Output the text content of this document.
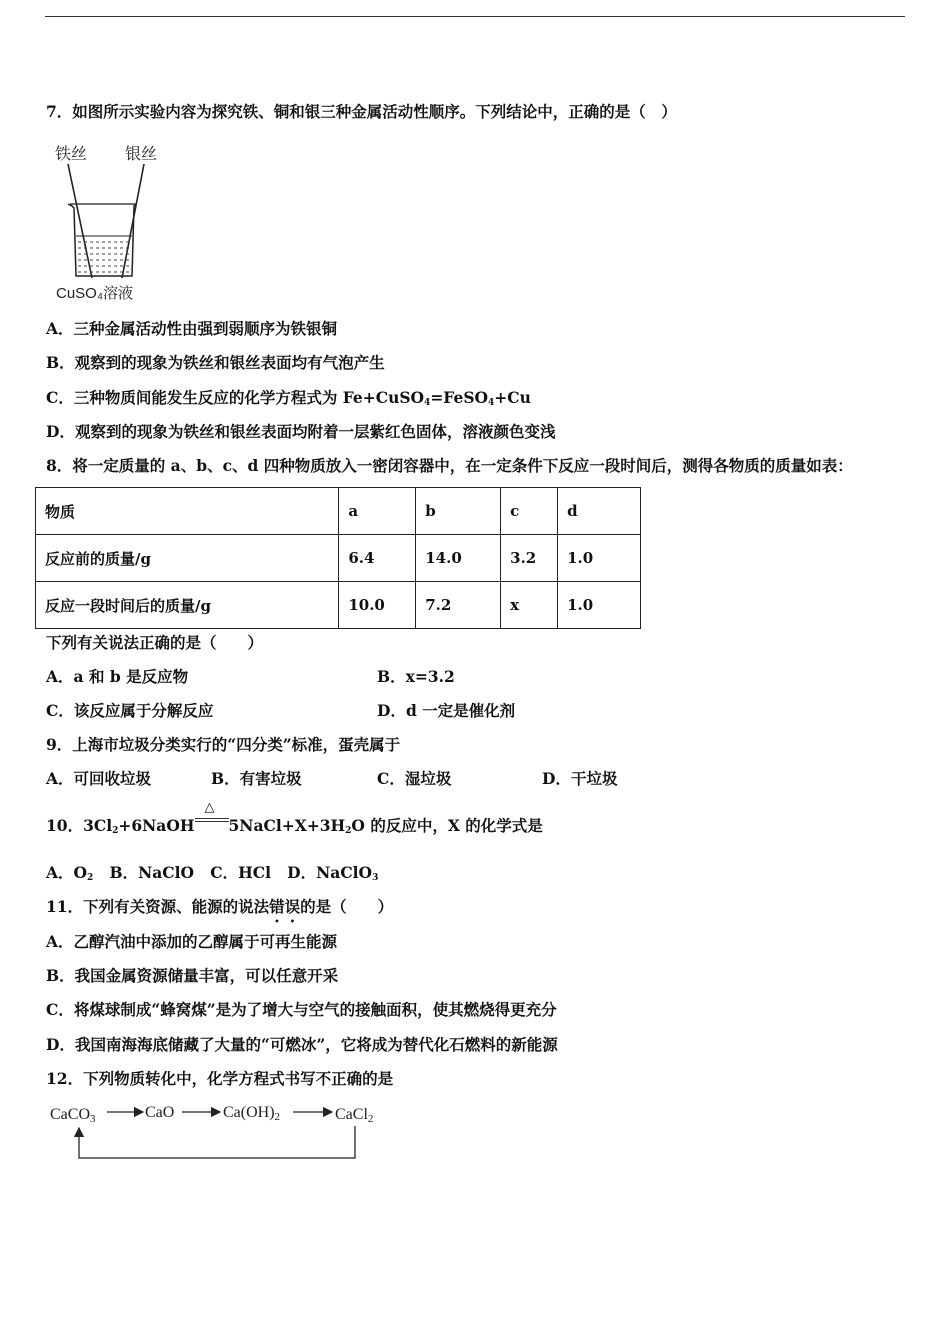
7．如图所示实验内容为探究铁、铜和银三种金属活动性顺序。下列结论中，正确的是（　）
铁丝 银丝
CuSO₄溶液
A．三种金属活动性由强到弱顺序为铁银铜
B．观察到的现象为铁丝和银丝表面均有气泡产生
C．三种物质间能发生反应的化学方程式为 Fe+CuSO$_4$=FeSO$_4$+Cu
D．观察到的现象为铁丝和银丝表面均附着一层紫红色固体，溶液颜色变浅
8．将一定质量的 a、b、c、d 四种物质放入一密闭容器中，在一定条件下反应一段时间后，测得各物质的质量如表：
物质	a	b	c	d
反应前的质量/g	6.4	14.0	3.2	1.0
反应一段时间后的质量/g	10.0	7.2	x	1.0
下列有关说法正确的是（　　）
A．a 和 b 是反应物	B．x=3.2
C．该反应属于分解反应	D．d 一定是催化剂
9．上海市垃圾分类实行的“四分类”标准，蛋壳属于
A．可回收垃圾	B．有害垃圾	C．湿垃圾	D．干垃圾
10．$3Cl_2+6NaOH$
△
$5NaCl+X+3H_2O$ 的反应中，X 的化学式是
A．$O_2$ B．NaClO C．HCl D．NaClO$_3$
11．下列有关资源、能源的说法错误的是（　　）
A．乙醇汽油中添加的乙醇属于可再生能源
B．我国金属资源储量丰富，可以任意开采
C．将煤球制成“蜂窝煤”是为了增大与空气的接触面积，使其燃烧得更充分
D．我国南海海底储藏了大量的“可燃冰”，它将成为替代化石燃料的新能源
12．下列物质转化中，化学方程式书写不正确的是
CaCO3	CaO	Ca(OH)2	CaCl2
